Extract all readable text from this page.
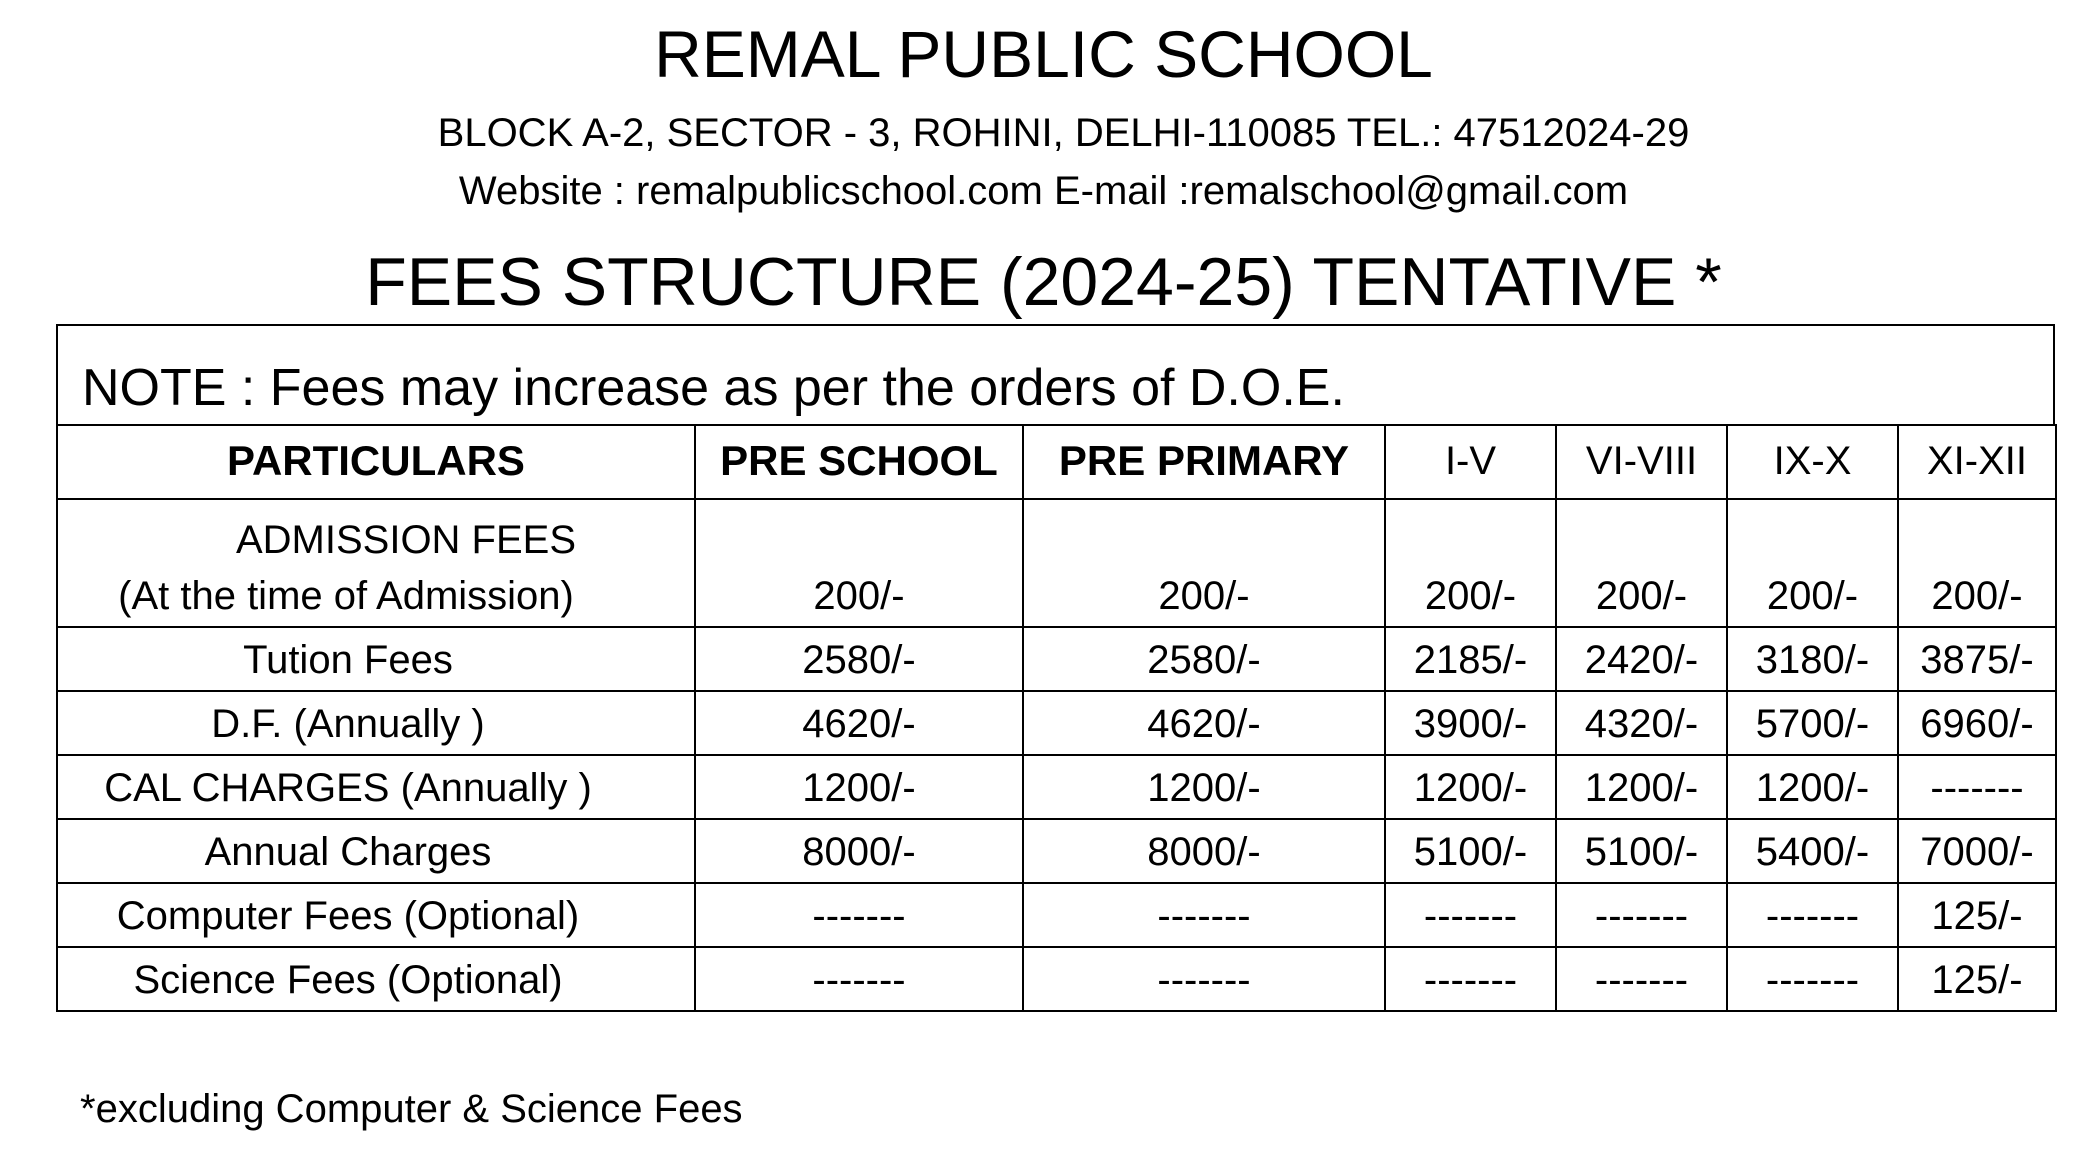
REMAL PUBLIC SCHOOL
BLOCK A-2, SECTOR - 3, ROHINI, DELHI-110085 TEL.: 47512024-29
Website : remalpublicschool.com E-mail :remalschool@gmail.com
FEES STRUCTURE (2024-25) TENTATIVE *
NOTE : Fees may increase as per the orders of D.O.E.
PARTICULARS	PRE SCHOOL	PRE PRIMARY	I-V	VI-VIII	IX-X	XI-XII

ADMISSION FEES
(At the time of Admission)	200/-	200/-	200/-	200/-	200/-	200/-
Tution Fees	2580/-	2580/-	2185/-	2420/-	3180/-	3875/-
D.F. (Annually )	4620/-	4620/-	3900/-	4320/-	5700/-	6960/-
CAL CHARGES (Annually )	1200/-	1200/-	1200/-	1200/-	1200/-	-------
Annual Charges	8000/-	8000/-	5100/-	5100/-	5400/-	7000/-
Computer Fees (Optional)	-------	-------	-------	-------	-------	125/-
Science Fees (Optional)	-------	-------	-------	-------	-------	125/-
*excluding Computer & Science Fees
